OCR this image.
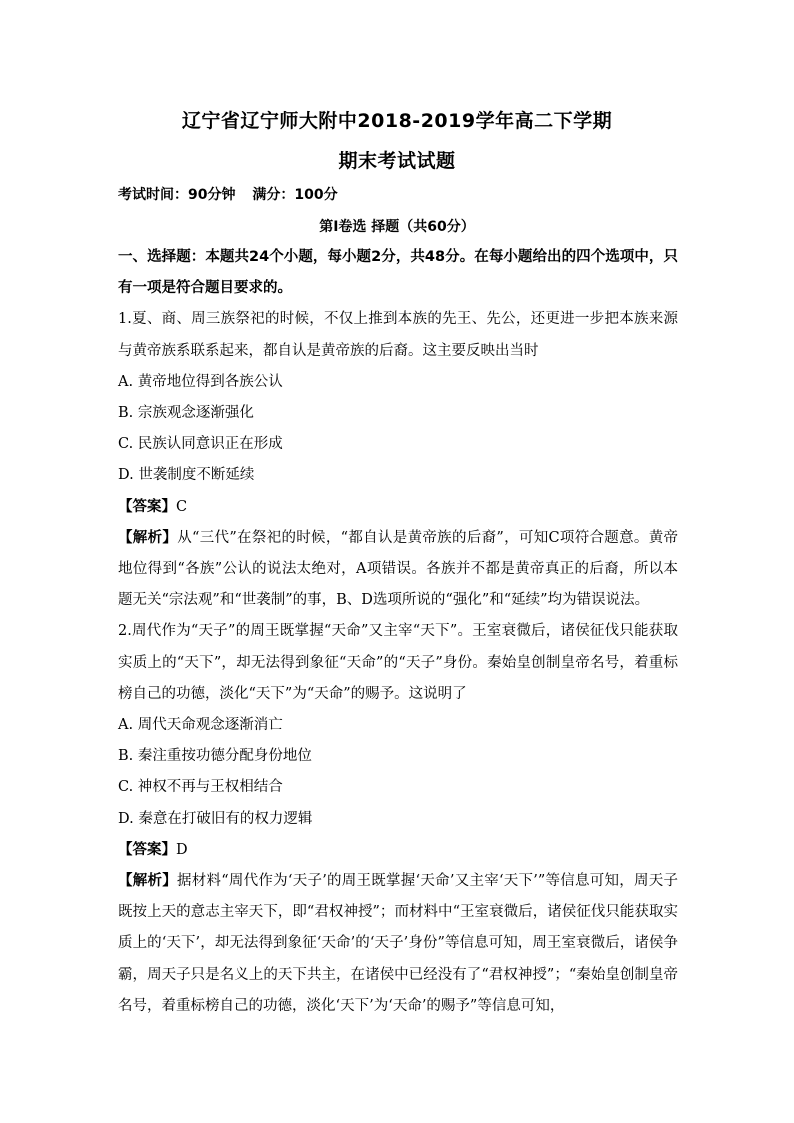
辽宁省辽宁师大附中2018-2019学年高二下学期
期末考试试题
考试时间：90分钟 满分：100分
第Ⅰ卷选 择题（共60分）

一、选择题：本题共24个小题，每小题2分，共48分。在每小题给出的四个选项中，只有一项是符合题目要求的。

1.夏、商、周三族祭祀的时候，不仅上推到本族的先王、先公，还更进一步把本族来源与黄帝族系联系起来，都自认是黄帝族的后裔。这主要反映出当时

A. 黄帝地位得到各族公认

B. 宗族观念逐渐强化

C. 民族认同意识正在形成

D. 世袭制度不断延续

【答案】C

【解析】从“三代”在祭祀的时候，“都自认是黄帝族的后裔”，可知C项符合题意。黄帝地位得到“各族”公认的说法太绝对，A项错误。各族并不都是黄帝真正的后裔，所以本题无关“宗法观”和“世袭制”的事，B、D选项所说的“强化”和“延续”均为错误说法。

2.周代作为“天子”的周王既掌握“天命”又主宰“天下”。王室衰微后，诸侯征伐只能获取实质上的“天下”，却无法得到象征“天命”的“天子”身份。秦始皇创制皇帝名号，着重标榜自己的功德，淡化“天下”为“天命”的赐予。这说明了

A. 周代天命观念逐渐消亡

B. 秦注重按功德分配身份地位

C. 神权不再与王权相结合

D. 秦意在打破旧有的权力逻辑

【答案】D

【解析】据材料“周代作为‘天子’的周王既掌握‘天命’又主宰‘天下’”等信息可知，周天子既按上天的意志主宰天下，即“君权神授”；而材料中“王室衰微后，诸侯征伐只能获取实质上的‘天下’，却无法得到象征‘天命’的‘天子’身份”等信息可知，周王室衰微后，诸侯争霸，周天子只是名义上的天下共主，在诸侯中已经没有了“君权神授”；“秦始皇创制皇帝名号，着重标榜自己的功德，淡化‘天下’为‘天命’的赐予”等信息可知，
